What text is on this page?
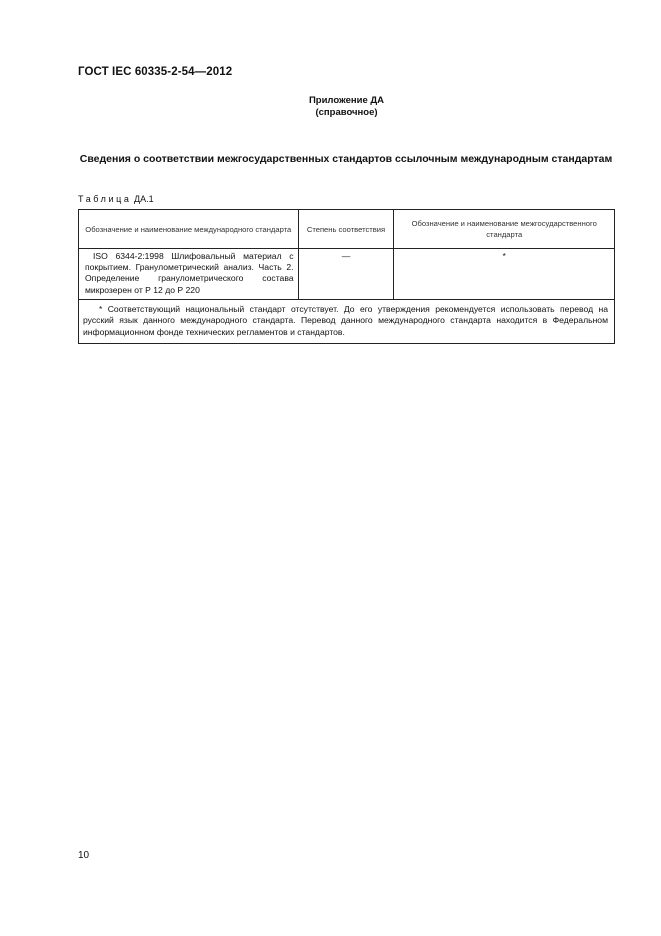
ГОСТ IEC 60335-2-54—2012
Приложение ДА

(справочное)
Сведения о соответствии межгосударственных стандартов ссылочным международным стандартам
Таблица ДА.1
Обозначение и наименование международного стандарта	Степень соответствия	Обозначение и наименование межгосударственного стандарта
ISO 6344-2:1998 Шлифовальный материал с покрытием. Гранулометрический анализ. Часть 2. Определение гранулометрического состава микрозерен от Р 12 до Р 220	—	*
* Соответствующий национальный стандарт отсутствует. До его утверждения рекомендуется использовать перевод на русский язык данного международного стандарта. Перевод данного международного стандарта находится в Федеральном информационном фонде технических регламентов и стандартов.		
10
